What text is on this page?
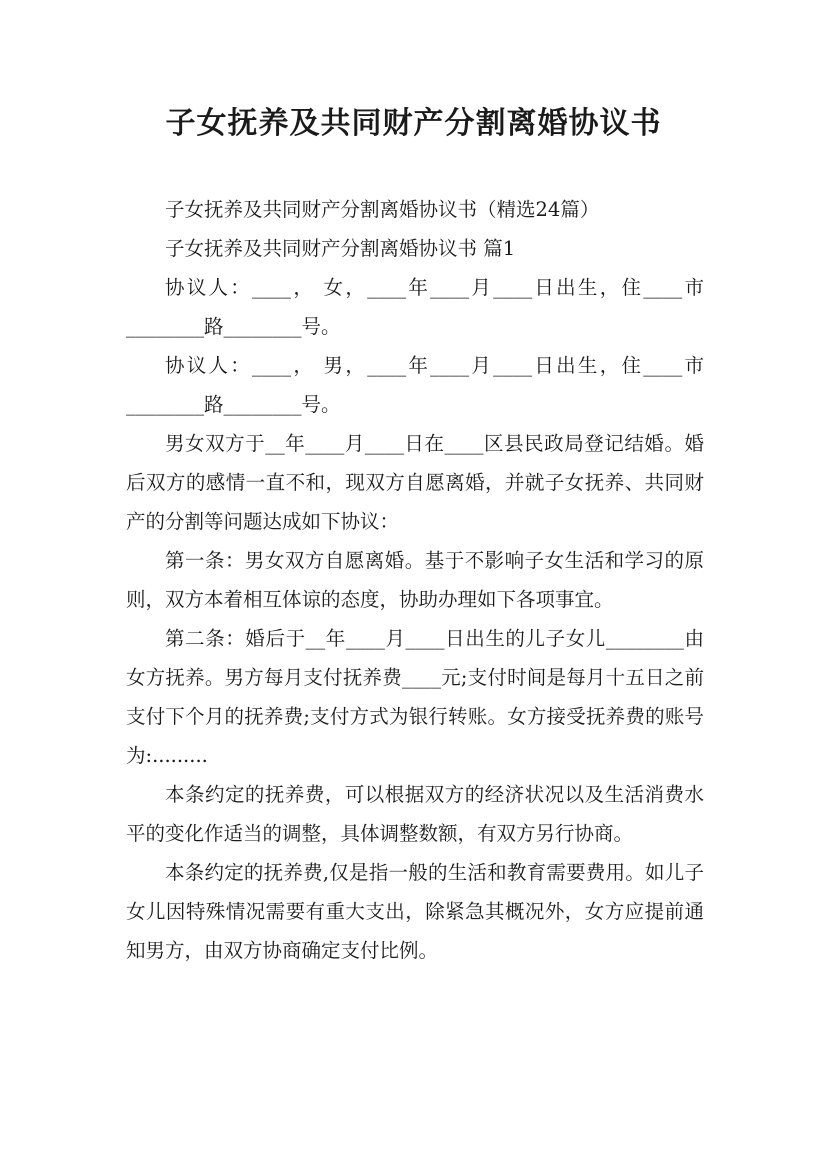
子女抚养及共同财产分割离婚协议书

子女抚养及共同财产分割离婚协议书（精选24篇）

子女抚养及共同财产分割离婚协议书 篇1

协议人：____， 女，____年____月____日出生，住____市________路________号。

协议人：____， 男，____年____月____日出生，住____市________路________号。

男女双方于__年____月____日在____区县民政局登记结婚。婚后双方的感情一直不和，现双方自愿离婚，并就子女抚养、共同财产的分割等问题达成如下协议：

第一条：男女双方自愿离婚。基于不影响子女生活和学习的原则，双方本着相互体谅的态度，协助办理如下各项事宜。

第二条：婚后于__年____月____日出生的儿子女儿________由女方抚养。男方每月支付抚养费____元;支付时间是每月十五日之前支付下个月的抚养费;支付方式为银行转账。女方接受抚养费的账号为:.........

本条约定的抚养费，可以根据双方的经济状况以及生活消费水平的变化作适当的调整，具体调整数额，有双方另行协商。

本条约定的抚养费,仅是指一般的生活和教育需要费用。如儿子女儿因特殊情况需要有重大支出，除紧急其概况外，女方应提前通知男方，由双方协商确定支付比例。
